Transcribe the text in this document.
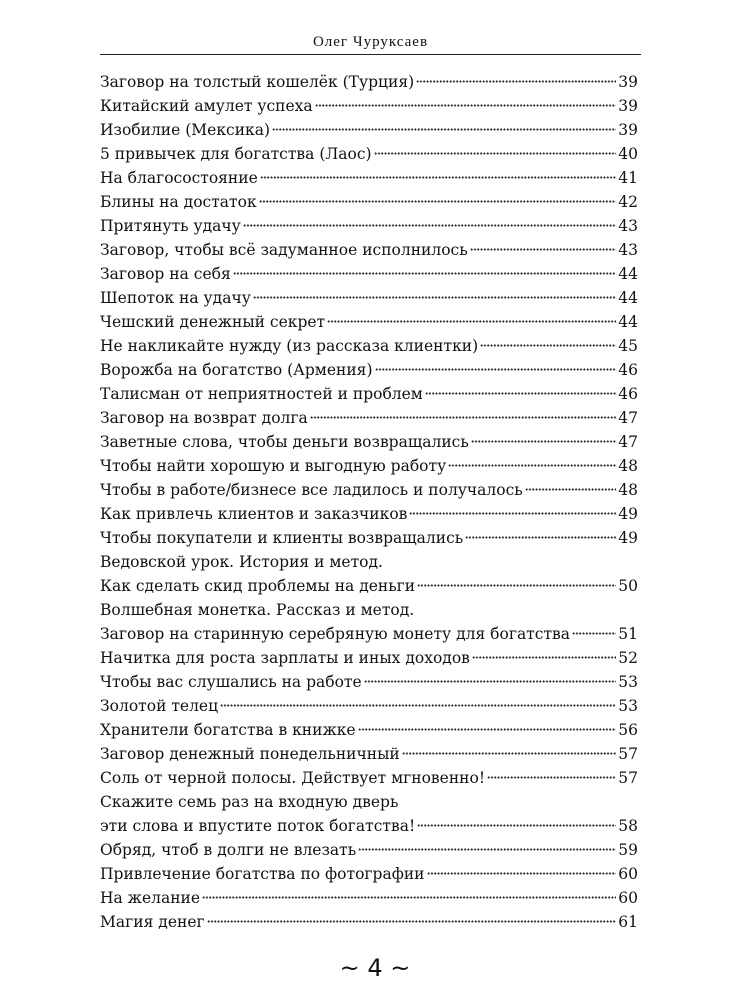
Олег Чуруксаев
Заговор на толстый кошелёк (Турция)	39
Китайский амулет успеха	39
Изобилие (Мексика)	39
5 привычек для богатства (Лаос)	40
На благосостояние	41
Блины на достаток	42
Притянуть удачу	43
Заговор, чтобы всё задуманное исполнилось	43
Заговор на себя	44
Шепоток на удачу	44
Чешский денежный секрет	44
Не накликайте нужду (из рассказа клиентки)	45
Ворожба на богатство (Армения)	46
Талисман от неприятностей и проблем	46
Заговор на возврат долга	47
Заветные слова, чтобы деньги возвращались	47
Чтобы найти хорошую и выгодную работу	48
Чтобы в работе/бизнесе все ладилось и получалось	48
Как привлечь клиентов и заказчиков	49
Чтобы покупатели и клиенты возвращались	49
Ведовской урок. История и метод.
Как сделать скид проблемы на деньги	50
Волшебная монетка. Рассказ и метод.
Заговор на старинную серебряную монету для богатства	51
Начитка для роста зарплаты и иных доходов	52
Чтобы вас слушались на работе	53
Золотой телец	53
Хранители богатства в книжке	56
Заговор денежный понедельничный	57
Соль от черной полосы. Действует мгновенно!	57
Скажите семь раз на входную дверь
эти слова и впустите поток богатства!	58
Обряд, чтоб в долги не влезать	59
Привлечение богатства по фотографии	60
На желание	60
Магия денег	61
~ 4 ~
